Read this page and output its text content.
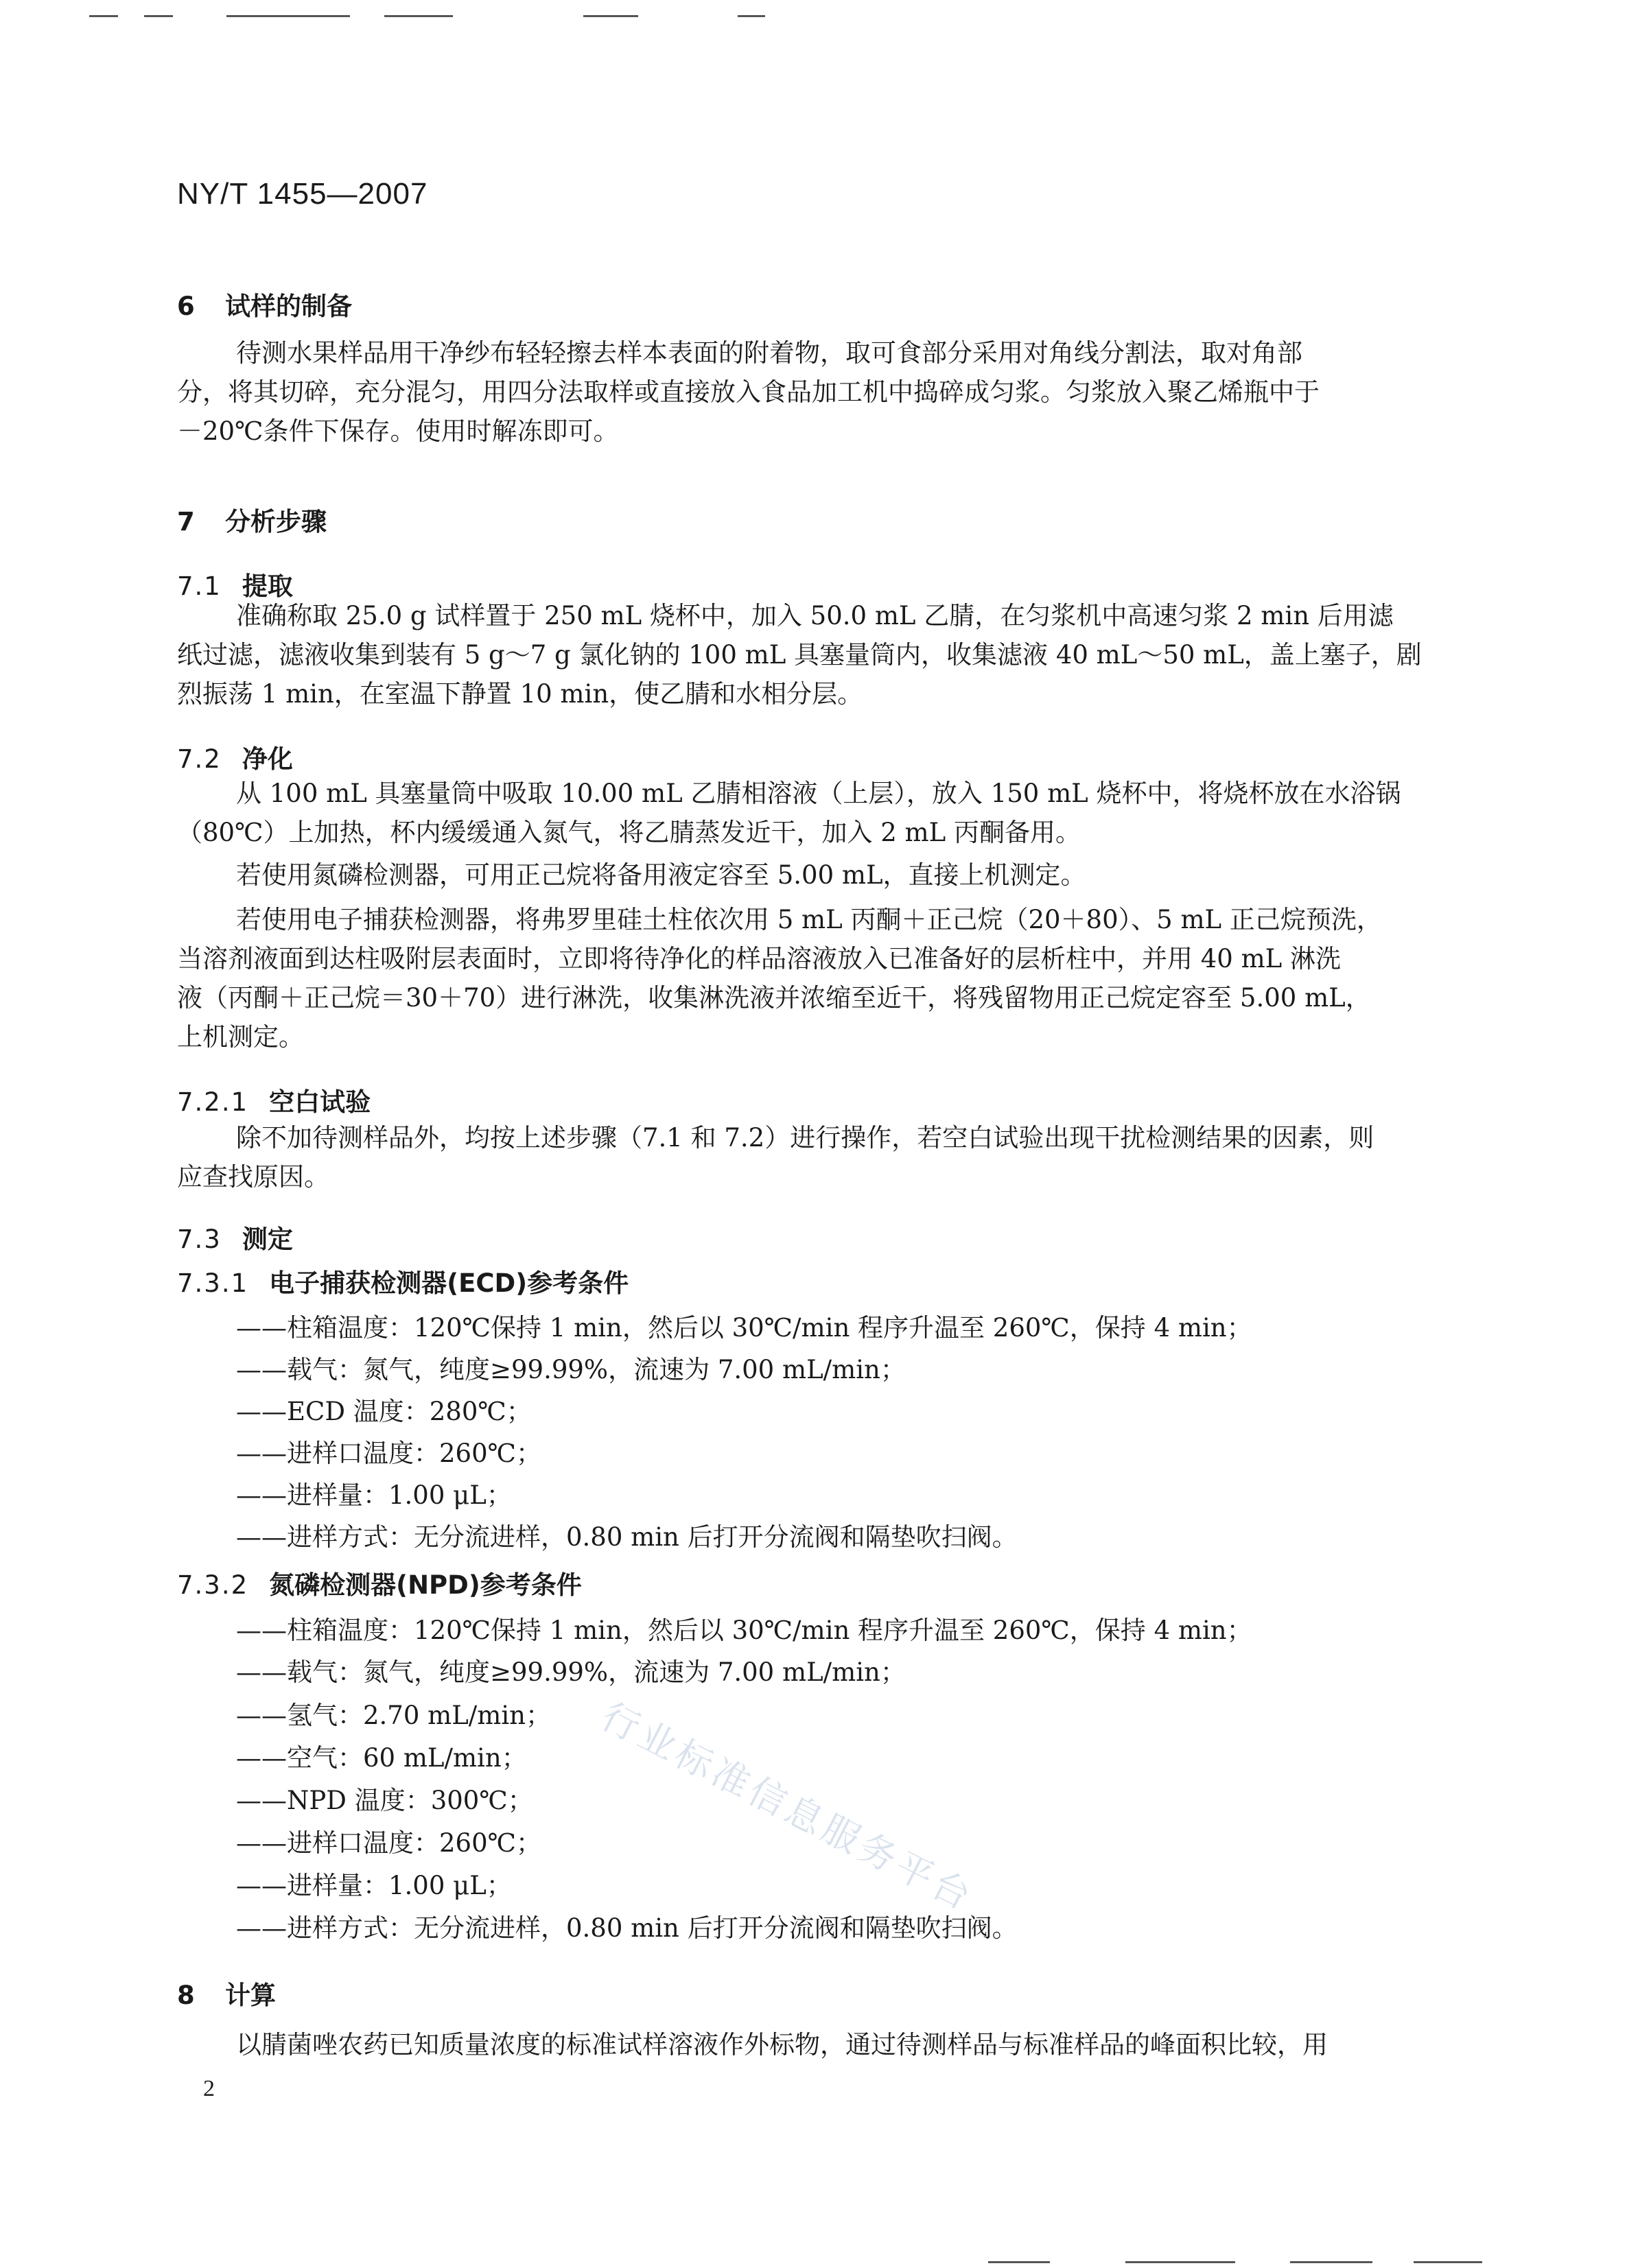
NY/T 1455—2007
6 试样的制备
待测水果样品用干净纱布轻轻擦去样本表面的附着物，取可食部分采用对角线分割法，取对角部
分，将其切碎，充分混匀，用四分法取样或直接放入食品加工机中捣碎成匀浆。匀浆放入聚乙烯瓶中于
－20℃条件下保存。使用时解冻即可。
7 分析步骤
7.1 提取
准确称取 25.0 g 试样置于 250 mL 烧杯中，加入 50.0 mL 乙腈，在匀浆机中高速匀浆 2 min 后用滤
纸过滤，滤液收集到装有 5 g～7 g 氯化钠的 100 mL 具塞量筒内，收集滤液 40 mL～50 mL，盖上塞子，剧
烈振荡 1 min，在室温下静置 10 min，使乙腈和水相分层。
7.2 净化
从 100 mL 具塞量筒中吸取 10.00 mL 乙腈相溶液（上层），放入 150 mL 烧杯中，将烧杯放在水浴锅
（80℃）上加热，杯内缓缓通入氮气，将乙腈蒸发近干，加入 2 mL 丙酮备用。
若使用氮磷检测器，可用正己烷将备用液定容至 5.00 mL，直接上机测定。
若使用电子捕获检测器，将弗罗里硅土柱依次用 5 mL 丙酮＋正己烷（20＋80）、5 mL 正己烷预洗，
当溶剂液面到达柱吸附层表面时，立即将待净化的样品溶液放入已准备好的层析柱中，并用 40 mL 淋洗
液（丙酮＋正己烷＝30＋70）进行淋洗，收集淋洗液并浓缩至近干，将残留物用正己烷定容至 5.00 mL，
上机测定。
7.2.1 空白试验
除不加待测样品外，均按上述步骤（7.1 和 7.2）进行操作，若空白试验出现干扰检测结果的因素，则
应查找原因。
7.3 测定
7.3.1 电子捕获检测器(ECD)参考条件
——柱箱温度：120℃保持 1 min，然后以 30℃/min 程序升温至 260℃，保持 4 min；
——载气：氮气，纯度≥99.99%，流速为 7.00 mL/min；
——ECD 温度：280℃；
——进样口温度：260℃；
——进样量：1.00 μL；
——进样方式：无分流进样，0.80 min 后打开分流阀和隔垫吹扫阀。
7.3.2 氮磷检测器(NPD)参考条件
——柱箱温度：120℃保持 1 min，然后以 30℃/min 程序升温至 260℃，保持 4 min；
——载气：氮气，纯度≥99.99%，流速为 7.00 mL/min；
——氢气：2.70 mL/min；
——空气：60 mL/min；
——NPD 温度：300℃；
——进样口温度：260℃；
——进样量：1.00 μL；
——进样方式：无分流进样，0.80 min 后打开分流阀和隔垫吹扫阀。
8 计算
以腈菌唑农药已知质量浓度的标准试样溶液作外标物，通过待测样品与标准样品的峰面积比较，用
2
行业标准信息服务平台
